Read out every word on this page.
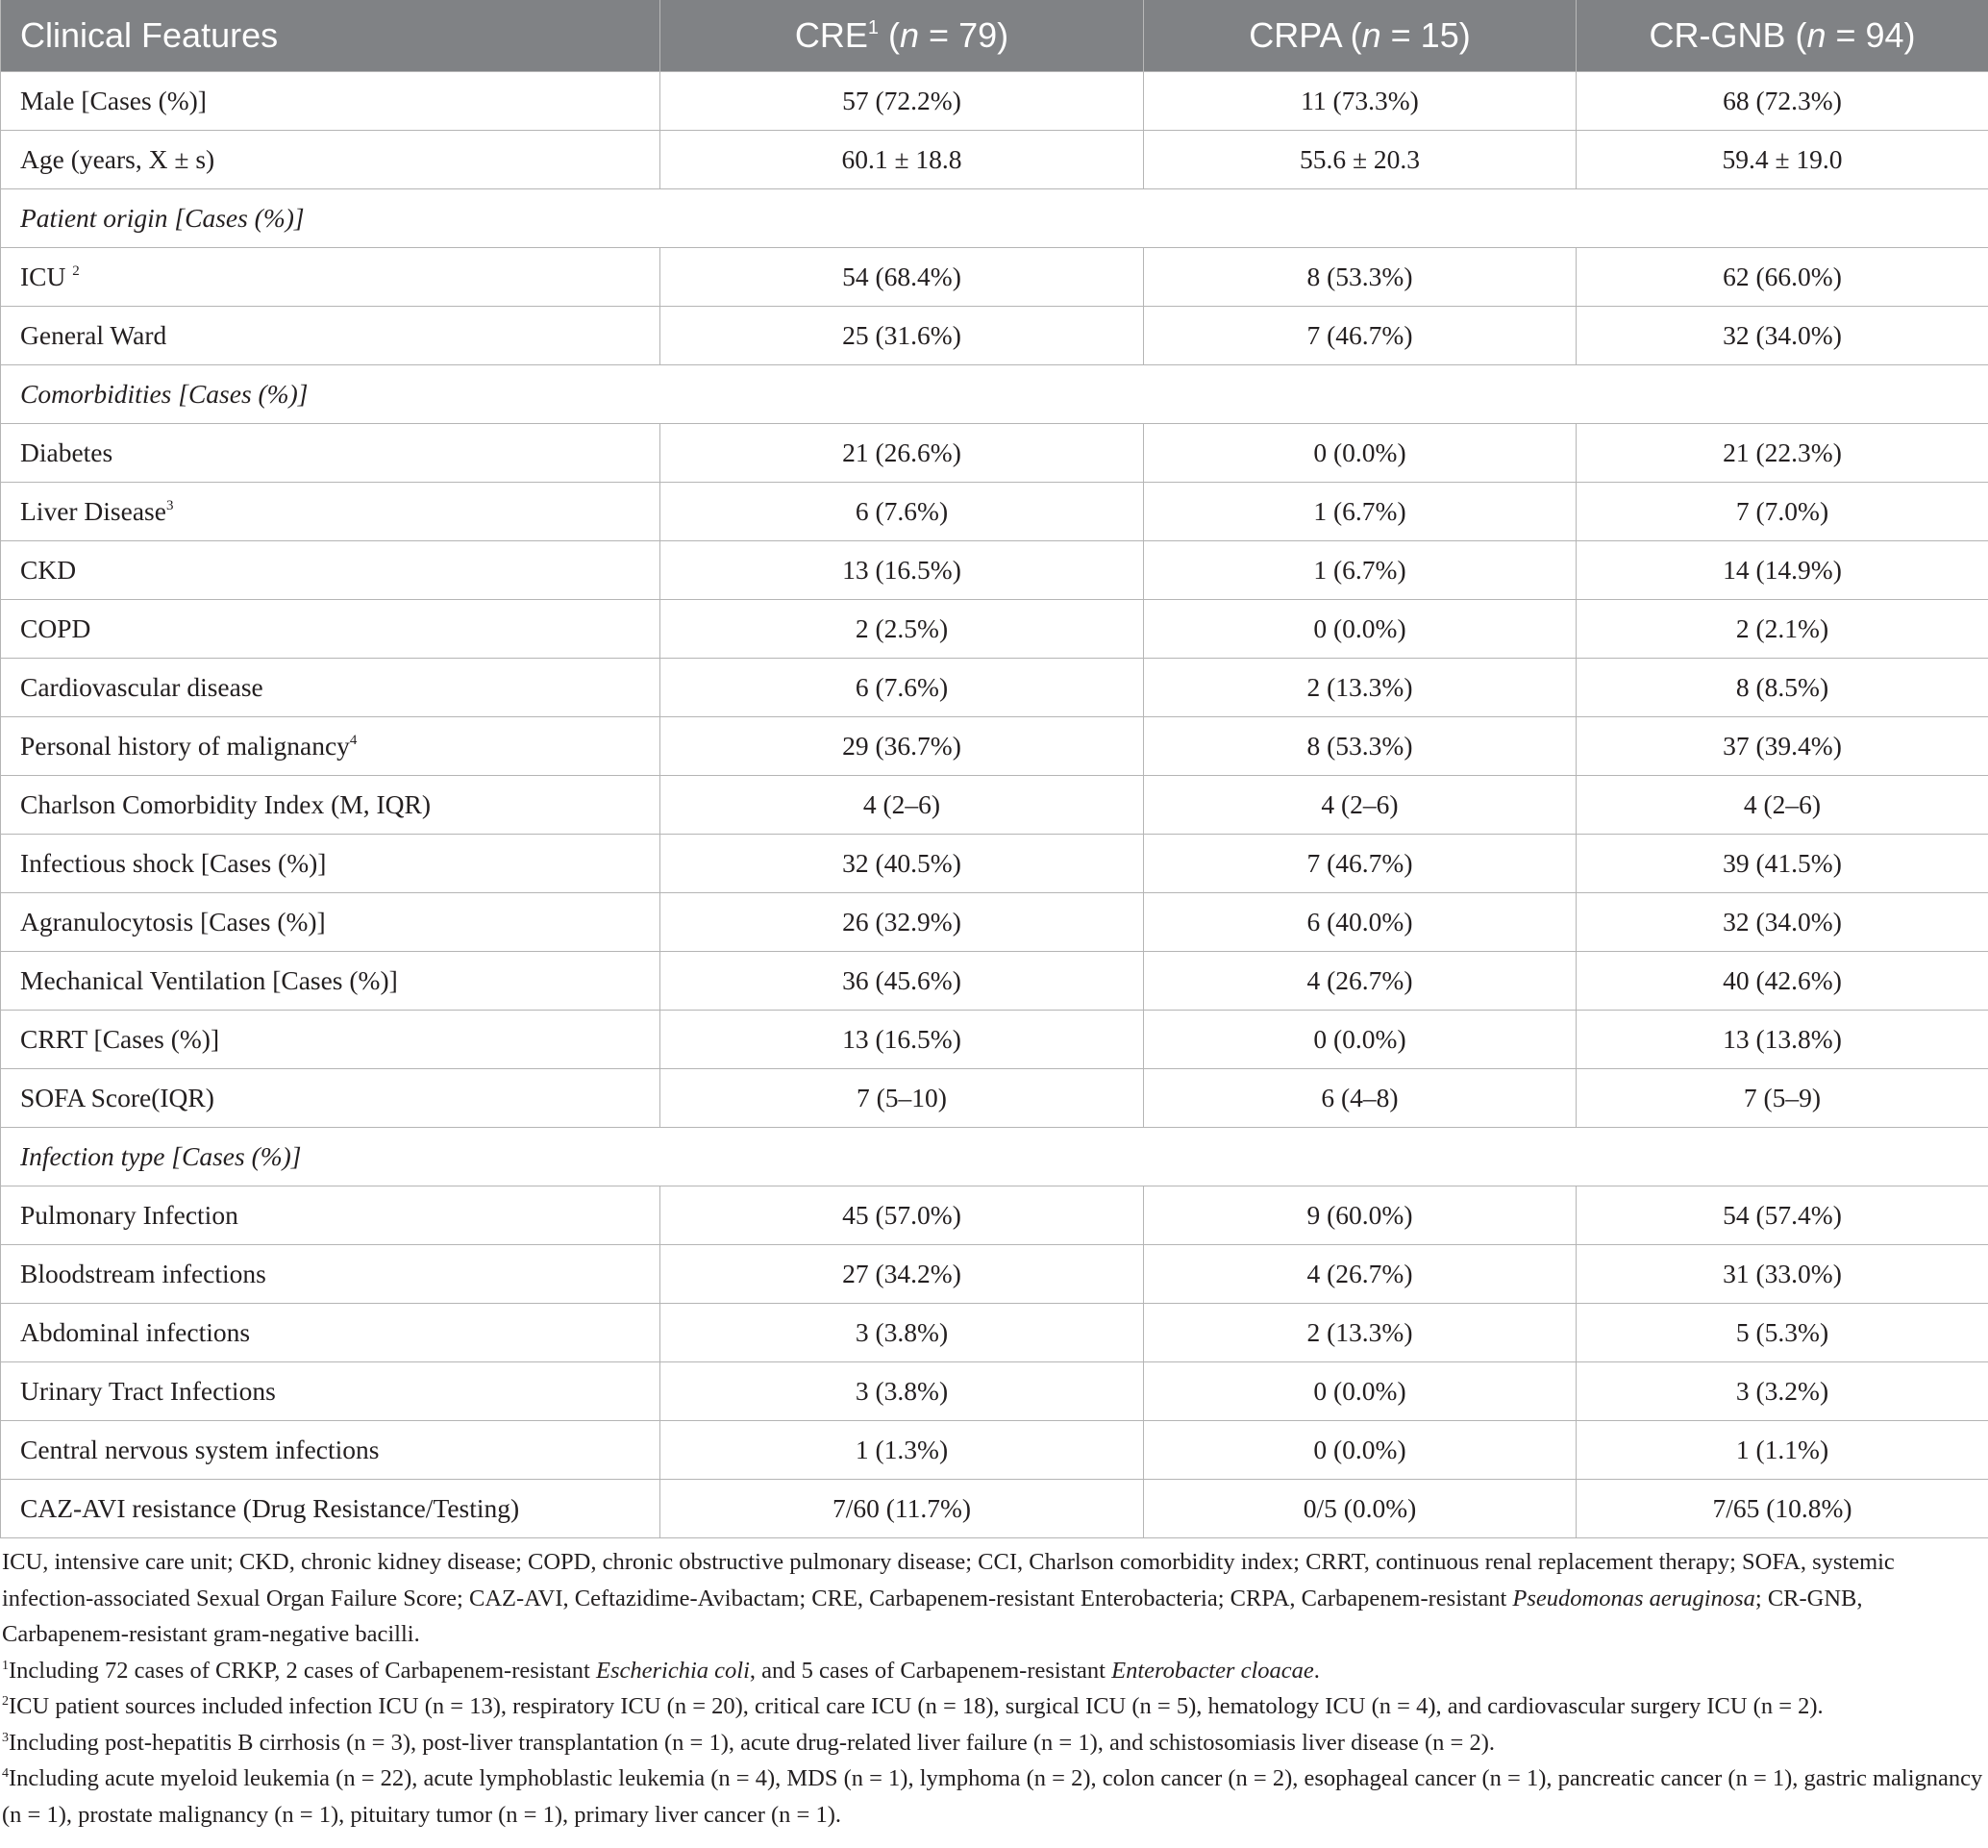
Clinical Features	CRE$^1$ (n = 79)	CRPA (n = 15)	CR-GNB (n = 94)
Male [Cases (%)]	57 (72.2%)	11 (73.3%)	68 (72.3%)
Age (years, X ± s)	60.1 ± 18.8	55.6 ± 20.3	59.4 ± 19.0
Patient origin [Cases (%)]			
ICU $^2$	54 (68.4%)	8 (53.3%)	62 (66.0%)
General Ward	25 (31.6%)	7 (46.7%)	32 (34.0%)
Comorbidities [Cases (%)]			
Diabetes	21 (26.6%)	0 (0.0%)	21 (22.3%)
Liver Disease$^3$	6 (7.6%)	1 (6.7%)	7 (7.0%)
CKD	13 (16.5%)	1 (6.7%)	14 (14.9%)
COPD	2 (2.5%)	0 (0.0%)	2 (2.1%)
Cardiovascular disease	6 (7.6%)	2 (13.3%)	8 (8.5%)
Personal history of malignancy$^4$	29 (36.7%)	8 (53.3%)	37 (39.4%)
Charlson Comorbidity Index (M, IQR)	4 (2–6)	4 (2–6)	4 (2–6)
Infectious shock [Cases (%)]	32 (40.5%)	7 (46.7%)	39 (41.5%)
Agranulocytosis [Cases (%)]	26 (32.9%)	6 (40.0%)	32 (34.0%)
Mechanical Ventilation [Cases (%)]	36 (45.6%)	4 (26.7%)	40 (42.6%)
CRRT [Cases (%)]	13 (16.5%)	0 (0.0%)	13 (13.8%)
SOFA Score(IQR)	7 (5–10)	6 (4–8)	7 (5–9)
Infection type [Cases (%)]			
Pulmonary Infection	45 (57.0%)	9 (60.0%)	54 (57.4%)
Bloodstream infections	27 (34.2%)	4 (26.7%)	31 (33.0%)
Abdominal infections	3 (3.8%)	2 (13.3%)	5 (5.3%)
Urinary Tract Infections	3 (3.8%)	0 (0.0%)	3 (3.2%)
Central nervous system infections	1 (1.3%)	0 (0.0%)	1 (1.1%)
CAZ-AVI resistance (Drug Resistance/Testing)	7/60 (11.7%)	0/5 (0.0%)	7/65 (10.8%)

ICU, intensive care unit; CKD, chronic kidney disease; COPD, chronic obstructive pulmonary disease; CCI, Charlson comorbidity index; CRRT, continuous renal replacement therapy; SOFA, systemic infection-associated Sexual Organ Failure Score; CAZ-AVI, Ceftazidime-Avibactam; CRE, Carbapenem-resistant Enterobacteria; CRPA, Carbapenem-resistant Pseudomonas aeruginosa; CR-GNB, Carbapenem-resistant gram-negative bacilli.

$^1$Including 72 cases of CRKP, 2 cases of Carbapenem-resistant Escherichia coli, and 5 cases of Carbapenem-resistant Enterobacter cloacae.

$^2$ICU patient sources included infection ICU (n = 13), respiratory ICU (n = 20), critical care ICU (n = 18), surgical ICU (n = 5), hematology ICU (n = 4), and cardiovascular surgery ICU (n = 2).

$^3$Including post-hepatitis B cirrhosis (n = 3), post-liver transplantation (n = 1), acute drug-related liver failure (n = 1), and schistosomiasis liver disease (n = 2).

$^4$Including acute myeloid leukemia (n = 22), acute lymphoblastic leukemia (n = 4), MDS (n = 1), lymphoma (n = 2), colon cancer (n = 2), esophageal cancer (n = 1), pancreatic cancer (n = 1), gastric malignancy (n = 1), prostate malignancy (n = 1), pituitary tumor (n = 1), primary liver cancer (n = 1).
